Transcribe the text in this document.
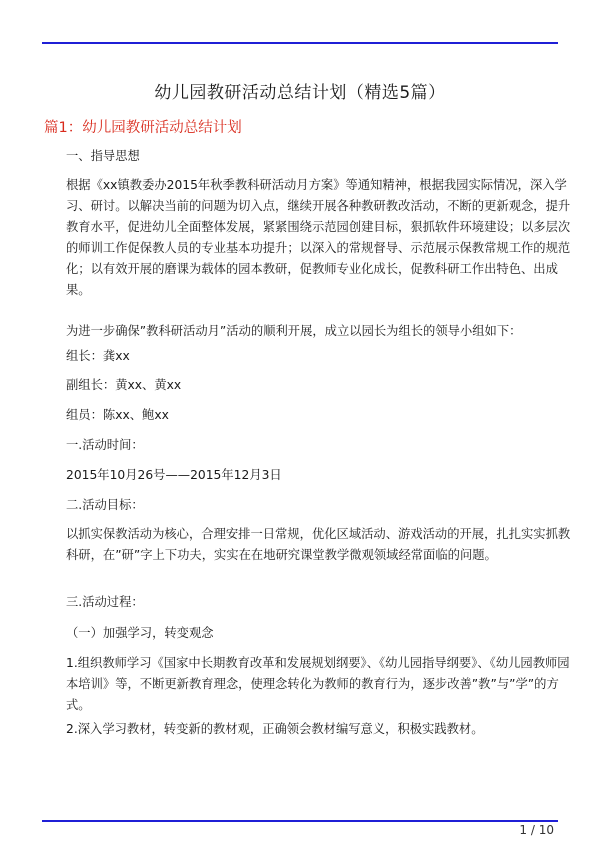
幼儿园教研活动总结计划（精选5篇）
篇1：幼儿园教研活动总结计划

一、指导思想

根据《xx镇教委办2015年秋季教科研活动月方案》等通知精神，根据我园实际情况，深入学习、研讨。以解决当前的问题为切入点，继续开展各种教研教改活动，不断的更新观念，提升教育水平，促进幼儿全面整体发展，紧紧围绕示范园创建目标，狠抓软件环境建设；以多层次的师训工作促保教人员的专业基本功提升；以深入的常规督导、示范展示保教常规工作的规范化；以有效开展的磨课为载体的园本教研，促教师专业化成长，促教科研工作出特色、出成果。

为进一步确保”教科研活动月”活动的顺利开展，成立以园长为组长的领导小组如下：

组长：龚xx

副组长：黄xx、黄xx

组员：陈xx、鲍xx

一.活动时间：

2015年10月26号——2015年12月3日

二.活动目标：

以抓实保教活动为核心，合理安排一日常规，优化区域活动、游戏活动的开展，扎扎实实抓教科研，在”研”字上下功夫，实实在在地研究课堂教学微观领域经常面临的问题。

三.活动过程：

（一）加强学习，转变观念

1.组织教师学习《国家中长期教育改革和发展规划纲要》、《幼儿园指导纲要》、《幼儿园教师园本培训》等，不断更新教育理念，使理念转化为教师的教育行为，逐步改善”教”与”学”的方式。

2.深入学习教材，转变新的教材观，正确领会教材编写意义，积极实践教材。

1 / 10
